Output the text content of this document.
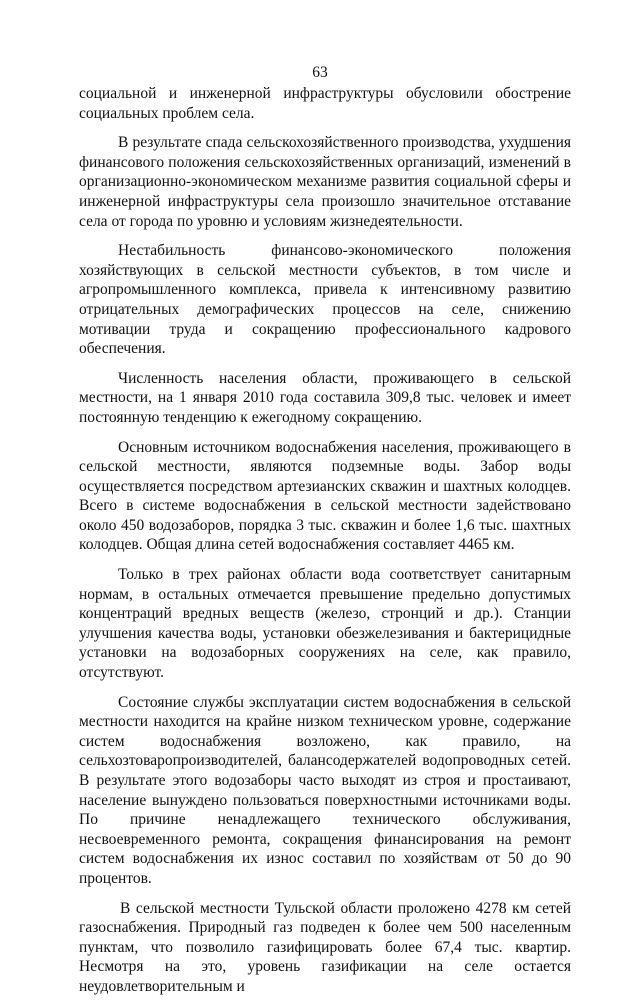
63

социальной и инженерной инфраструктуры обусловили обострение социальных проблем села.

В результате спада сельскохозяйственного производства, ухудшения финансового положения сельскохозяйственных организаций, изменений в организационно-экономическом механизме развития социальной сферы и инженерной инфраструктуры села произошло значительное отставание села от города по уровню и условиям жизнедеятельности.

Нестабильность финансово-экономического положения хозяйствующих в сельской местности субъектов, в том числе и агропромышленного комплекса, привела к интенсивному развитию отрицательных демографических процессов на селе, снижению мотивации труда и сокращению профессионального кадрового обеспечения.

Численность населения области, проживающего в сельской местности, на 1 января 2010 года составила 309,8 тыс. человек и имеет постоянную тенденцию к ежегодному сокращению.

Основным источником водоснабжения населения, проживающего в сельской местности, являются подземные воды. Забор воды осуществляется посредством артезианских скважин и шахтных колодцев. Всего в системе водоснабжения в сельской местности задействовано около 450 водозаборов, порядка 3 тыс. скважин и более 1,6 тыс. шахтных колодцев. Общая длина сетей водоснабжения составляет 4465 км.

Только в трех районах области вода соответствует санитарным нормам, в остальных отмечается превышение предельно допустимых концентраций вредных веществ (железо, стронций и др.). Станции улучшения качества воды, установки обезжелезивания и бактерицидные установки на водозаборных сооружениях на селе, как правило, отсутствуют.

Состояние службы эксплуатации систем водоснабжения в сельской местности находится на крайне низком техническом уровне, содержание систем водоснабжения возложено, как правило, на сельхозтоваропроизводителей, балансодержателей водопроводных сетей. В результате этого водозаборы часто выходят из строя и простаивают, население вынуждено пользоваться поверхностными источниками воды. По причине ненадлежащего технического обслуживания, несвоевременного ремонта, сокращения финансирования на ремонт систем водоснабжения их износ составил по хозяйствам от 50 до 90 процентов.

В сельской местности Тульской области проложено 4278 км сетей газоснабжения. Природный газ подведен к более чем 500 населенным пунктам, что позволило газифицировать более 67,4 тыс. квартир. Несмотря на это, уровень газификации на селе остается неудовлетворительным и
